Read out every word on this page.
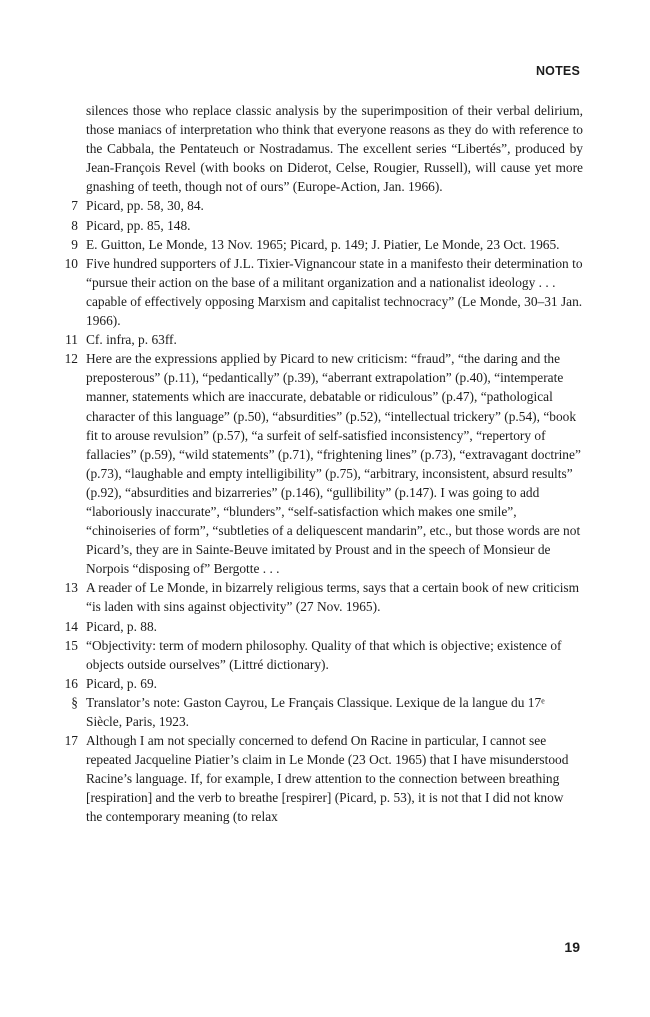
NOTES

silences those who replace classic analysis by the superimposition of their verbal delirium, those maniacs of interpretation who think that everyone reasons as they do with reference to the Cabbala, the Pentateuch or Nostradamus. The excellent series “Libertés”, produced by Jean-François Revel (with books on Diderot, Celse, Rougier, Russell), will cause yet more gnashing of teeth, though not of ours” (Europe-Action, Jan. 1966).

7 Picard, pp. 58, 30, 84.

8 Picard, pp. 85, 148.

9 E. Guitton, Le Monde, 13 Nov. 1965; Picard, p. 149; J. Piatier, Le Monde, 23 Oct. 1965.

10 Five hundred supporters of J.L. Tixier-Vignancour state in a manifesto their determination to “pursue their action on the base of a militant organization and a nationalist ideology . . . capable of effectively opposing Marxism and capitalist technocracy” (Le Monde, 30–31 Jan. 1966).

11 Cf. infra, p. 63ff.

12 Here are the expressions applied by Picard to new criticism: “fraud”, “the daring and the preposterous” (p.11), “pedantically” (p.39), “aberrant extrapolation” (p.40), “intemperate manner, statements which are inaccurate, debatable or ridiculous” (p.47), “pathological character of this language” (p.50), “absurdities” (p.52), “intellectual trickery” (p.54), “book fit to arouse revulsion” (p.57), “a surfeit of self-satisfied inconsistency”, “repertory of fallacies” (p.59), “wild statements” (p.71), “frightening lines” (p.73), “extravagant doctrine” (p.73), “laughable and empty intelligibility” (p.75), “arbitrary, inconsistent, absurd results” (p.92), “absurdities and bizarreries” (p.146), “gullibility” (p.147). I was going to add “laboriously inaccurate”, “blunders”, “self-satisfaction which makes one smile”, “chinoiseries of form”, “subtleties of a deliquescent mandarin”, etc., but those words are not Picard’s, they are in Sainte-Beuve imitated by Proust and in the speech of Monsieur de Norpois “disposing of” Bergotte . . .

13 A reader of Le Monde, in bizarrely religious terms, says that a certain book of new criticism “is laden with sins against objectivity” (27 Nov. 1965).

14 Picard, p. 88.

15 “Objectivity: term of modern philosophy. Quality of that which is objective; existence of objects outside ourselves” (Littré dictionary).

16 Picard, p. 69.

§ Translator’s note: Gaston Cayrou, Le Français Classique. Lexique de la langue du 17ᵉ Siècle, Paris, 1923.

17 Although I am not specially concerned to defend On Racine in particular, I cannot see repeated Jacqueline Piatier’s claim in Le Monde (23 Oct. 1965) that I have misunderstood Racine’s language. If, for example, I drew attention to the connection between breathing [respiration] and the verb to breathe [respirer] (Picard, p. 53), it is not that I did not know the contemporary meaning (to relax

19
